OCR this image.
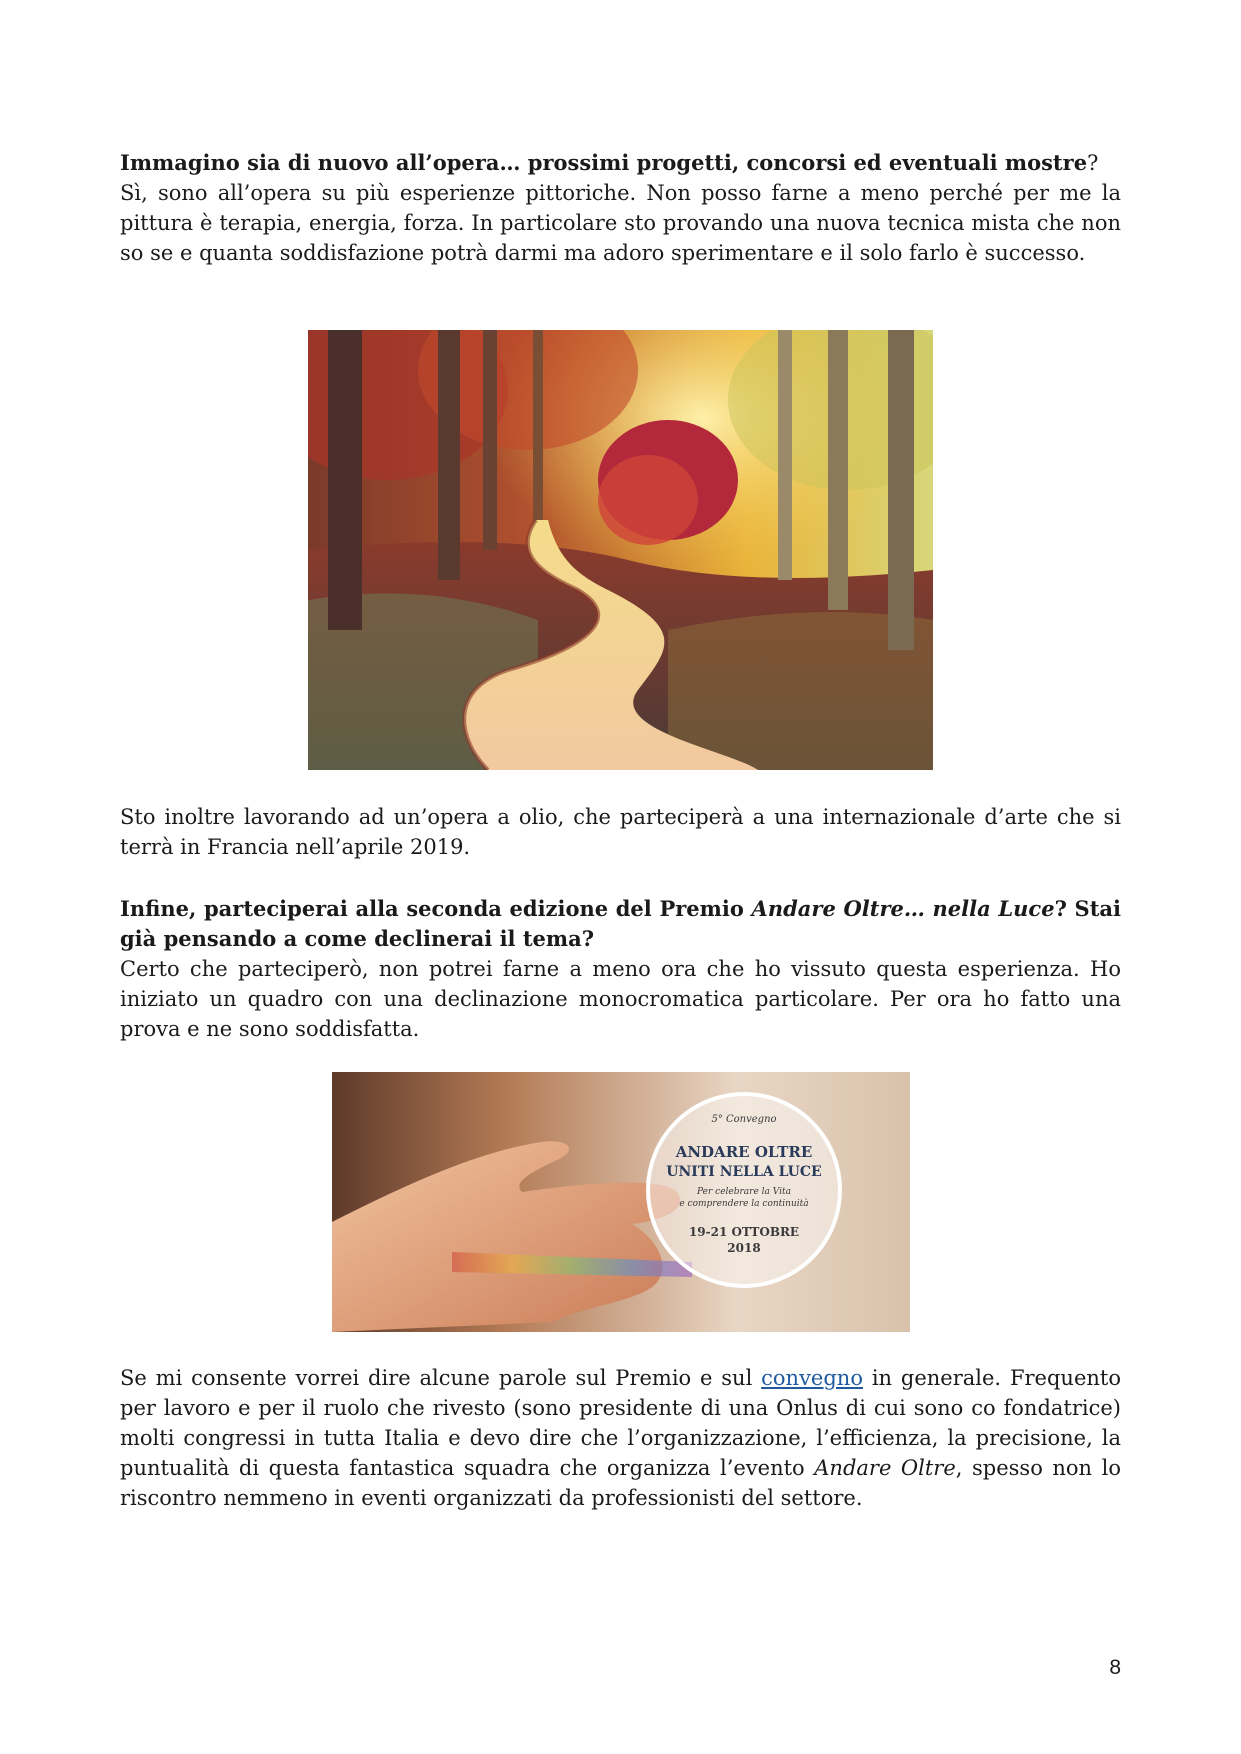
Immagino sia di nuovo all’opera… prossimi progetti, concorsi ed eventuali mostre?
Sì, sono all’opera su più esperienze pittoriche. Non posso farne a meno perché per me la pittura è terapia, energia, forza. In particolare sto provando una nuova tecnica mista che non so se e quanta soddisfazione potrà darmi ma adoro sperimentare e il solo farlo è successo.
Sto inoltre lavorando ad un’opera a olio, che parteciperà a una internazionale d’arte che si terrà in Francia nell’aprile 2019.
Infine, parteciperai alla seconda edizione del Premio Andare Oltre… nella Luce? Stai già pensando a come declinerai il tema?
Certo che parteciperò, non potrei farne a meno ora che ho vissuto questa esperienza. Ho iniziato un quadro con una declinazione monocromatica particolare. Per ora ho fatto una prova e ne sono soddisfatta.
5° Convegno
ANDARE OLTRE
UNITI NELLA LUCE
Per celebrare la Vita
e comprendere la continuità
19-21 OTTOBRE
2018
Se mi consente vorrei dire alcune parole sul Premio e sul convegno in generale. Frequento per lavoro e per il ruolo che rivesto (sono presidente di una Onlus di cui sono co fondatrice) molti congressi in tutta Italia e devo dire che l’organizzazione, l’efficienza, la precisione, la puntualità di questa fantastica squadra che organizza l’evento Andare Oltre, spesso non lo riscontro nemmeno in eventi organizzati da professionisti del settore.
8
